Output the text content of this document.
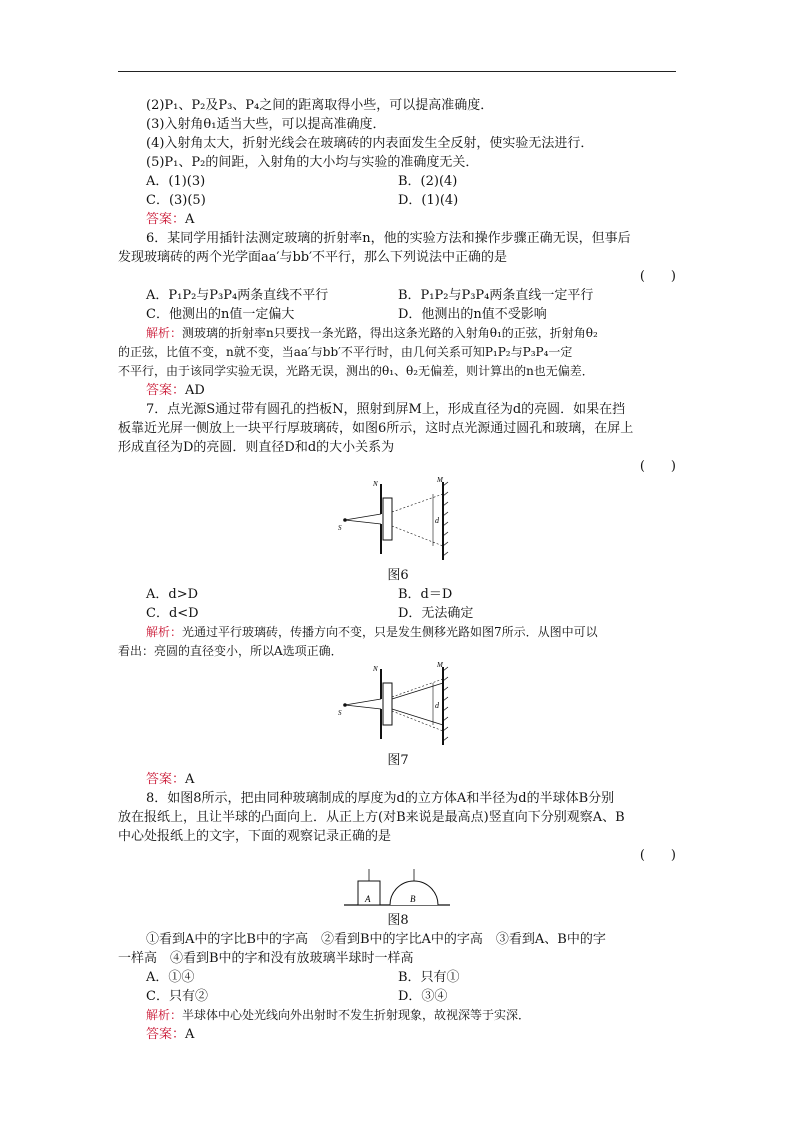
(2)P₁、P₂及P₃、P₄之间的距离取得小些，可以提高准确度．
(3)入射角θ₁适当大些，可以提高准确度．
(4)入射角太大，折射光线会在玻璃砖的内表面发生全反射，使实验无法进行．
(5)P₁、P₂的间距，入射角的大小均与实验的准确度无关．
A．(1)(3)	B．(2)(4)
C．(3)(5)	D．(1)(4)
答案：A
6．某同学用插针法测定玻璃的折射率n，他的实验方法和操作步骤正确无误，但事后
发现玻璃砖的两个光学面aa′与bb′不平行，那么下列说法中正确的是
(　　)
A．P₁P₂与P₃P₄两条直线不平行	B．P₁P₂与P₃P₄两条直线一定平行
C．他测出的n值一定偏大	D．他测出的n值不受影响
解析：测玻璃的折射率n只要找一条光路，得出这条光路的入射角θ₁的正弦，折射角θ₂
的正弦，比值不变，n就不变，当aa′与bb′不平行时，由几何关系可知P₁P₂与P₃P₄一定
不平行，由于该同学实验无误，光路无误，测出的θ₁、θ₂无偏差，则计算出的n也无偏差．
答案：AD
7．点光源S通过带有圆孔的挡板N，照射到屏M上，形成直径为d的亮圆．如果在挡
板靠近光屏一侧放上一块平行厚玻璃砖，如图6所示，这时点光源通过圆孔和玻璃，在屏上
形成直径为D的亮圆．则直径D和d的大小关系为
(　　)
N	M
S
d
图6
A．d>D	B．d＝D
C．d<D	D．无法确定
解析：光通过平行玻璃砖，传播方向不变，只是发生侧移光路如图7所示．从图中可以
看出：亮圆的直径变小，所以A选项正确．
N	M
S
d
图7
答案：A
8．如图8所示，把由同种玻璃制成的厚度为d的立方体A和半径为d的半球体B分别
放在报纸上，且让半球的凸面向上．从正上方(对B来说是最高点)竖直向下分别观察A、B
中心处报纸上的文字，下面的观察记录正确的是
(　　)
A	B
图8
①看到A中的字比B中的字高　②看到B中的字比A中的字高　③看到A、B中的字
一样高　④看到B中的字和没有放玻璃半球时一样高
A．①④	B．只有①
C．只有②	D．③④
解析：半球体中心处光线向外出射时不发生折射现象，故视深等于实深．
答案：A
